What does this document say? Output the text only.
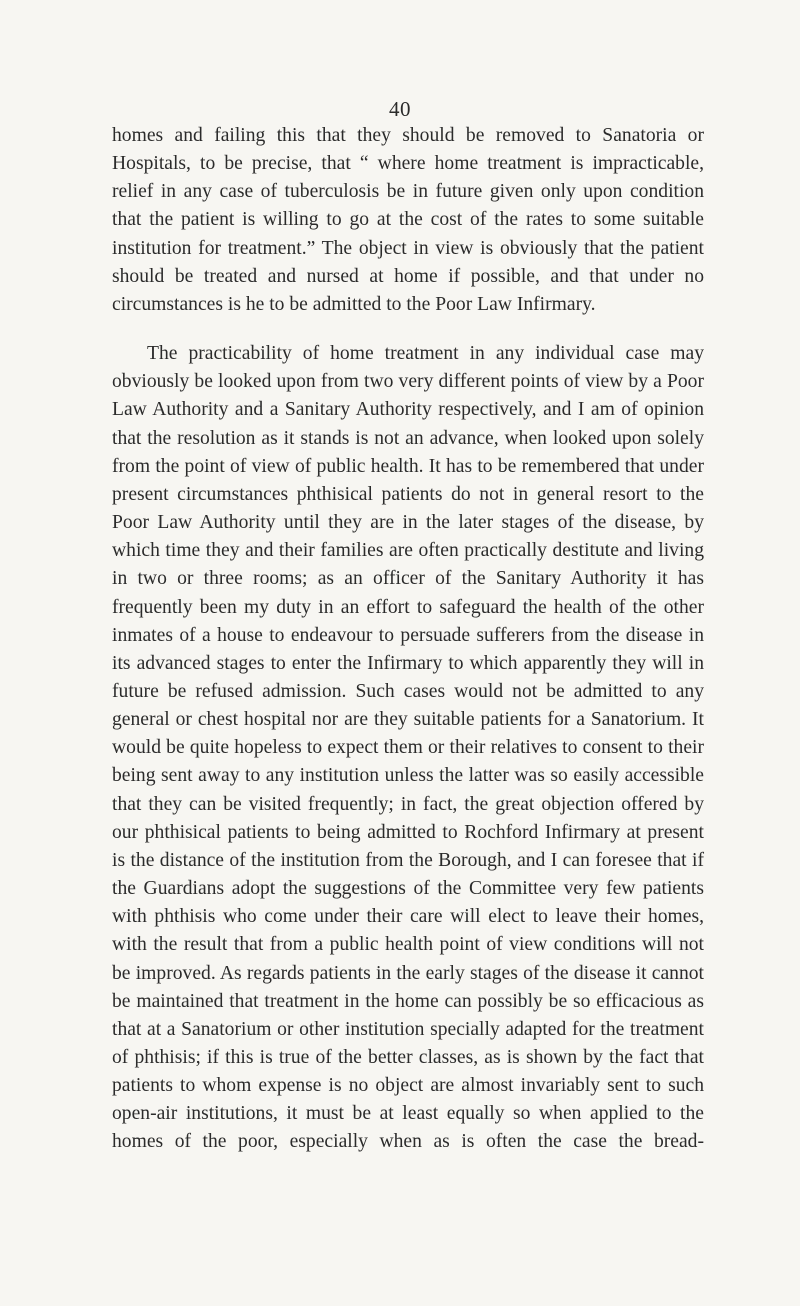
40

homes and failing this that they should be removed to Sanatoria or Hospitals, to be precise, that “ where home treatment is impracticable, relief in any case of tuberculosis be in future given only upon condition that the patient is willing to go at the cost of the rates to some suitable institution for treatment.” The object in view is obviously that the patient should be treated and nursed at home if possible, and that under no circumstances is he to be admitted to the Poor Law Infirmary.

The practicability of home treatment in any individual case may obviously be looked upon from two very different points of view by a Poor Law Authority and a Sanitary Authority respectively, and I am of opinion that the resolution as it stands is not an advance, when looked upon solely from the point of view of public health. It has to be remembered that under present circumstances phthisical patients do not in general resort to the Poor Law Authority until they are in the later stages of the disease, by which time they and their families are often practically destitute and living in two or three rooms; as an officer of the Sanitary Authority it has frequently been my duty in an effort to safeguard the health of the other inmates of a house to endeavour to persuade sufferers from the disease in its advanced stages to enter the Infirmary to which apparently they will in future be refused admission. Such cases would not be admitted to any general or chest hospital nor are they suitable patients for a Sanatorium. It would be quite hopeless to expect them or their relatives to consent to their being sent away to any institution unless the latter was so easily accessible that they can be visited frequently; in fact, the great objection offered by our phthisical patients to being admitted to Rochford Infirmary at present is the distance of the institution from the Borough, and I can foresee that if the Guardians adopt the suggestions of the Committee very few patients with phthisis who come under their care will elect to leave their homes, with the result that from a public health point of view conditions will not be improved. As regards patients in the early stages of the disease it cannot be maintained that treatment in the home can possibly be so efficacious as that at a Sanatorium or other institution specially adapted for the treatment of phthisis; if this is true of the better classes, as is shown by the fact that patients to whom expense is no object are almost invariably sent to such open-air institutions, it must be at least equally so when applied to the homes of the poor, especially when as is often the case the bread-
